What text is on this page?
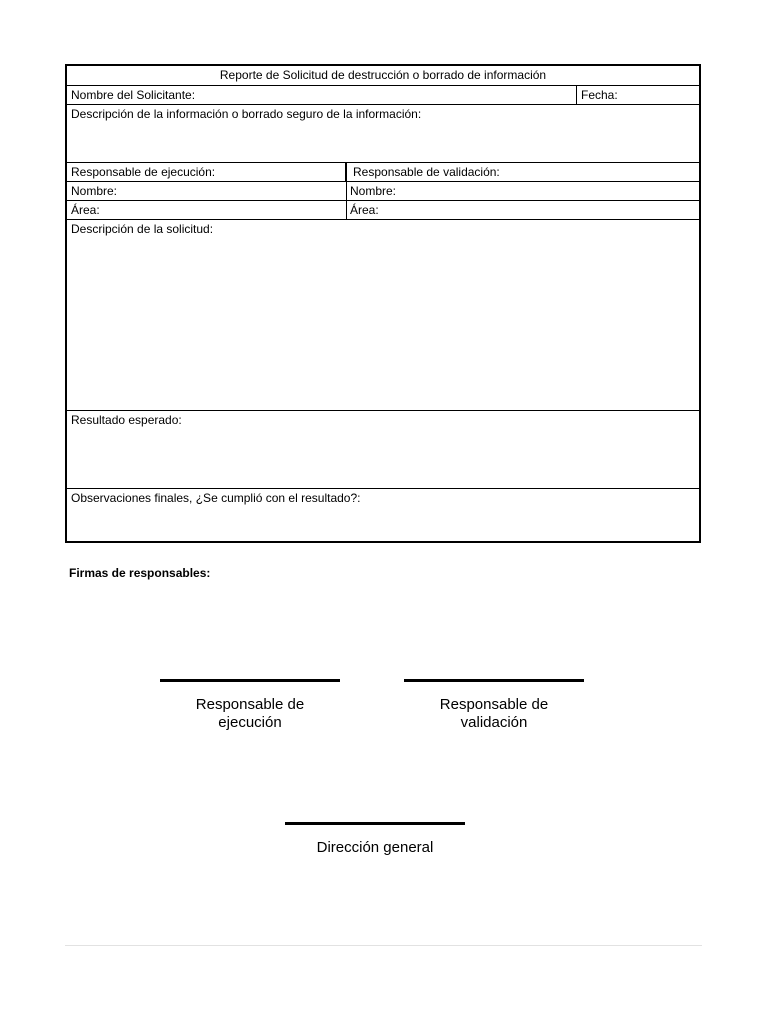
Reporte de Solicitud de destrucción o borrado de información
Nombre del Solicitante:	Fecha:
Descripción de la información o borrado seguro de la información:
Responsable de ejecución:	Responsable de validación:
Nombre:	Nombre:
Área:	Área:
Descripción de la solicitud:
Resultado esperado:
Observaciones finales, ¿Se cumplió con el resultado?:
Firmas de responsables:
Responsable de ejecución
Responsable de validación
Dirección general
